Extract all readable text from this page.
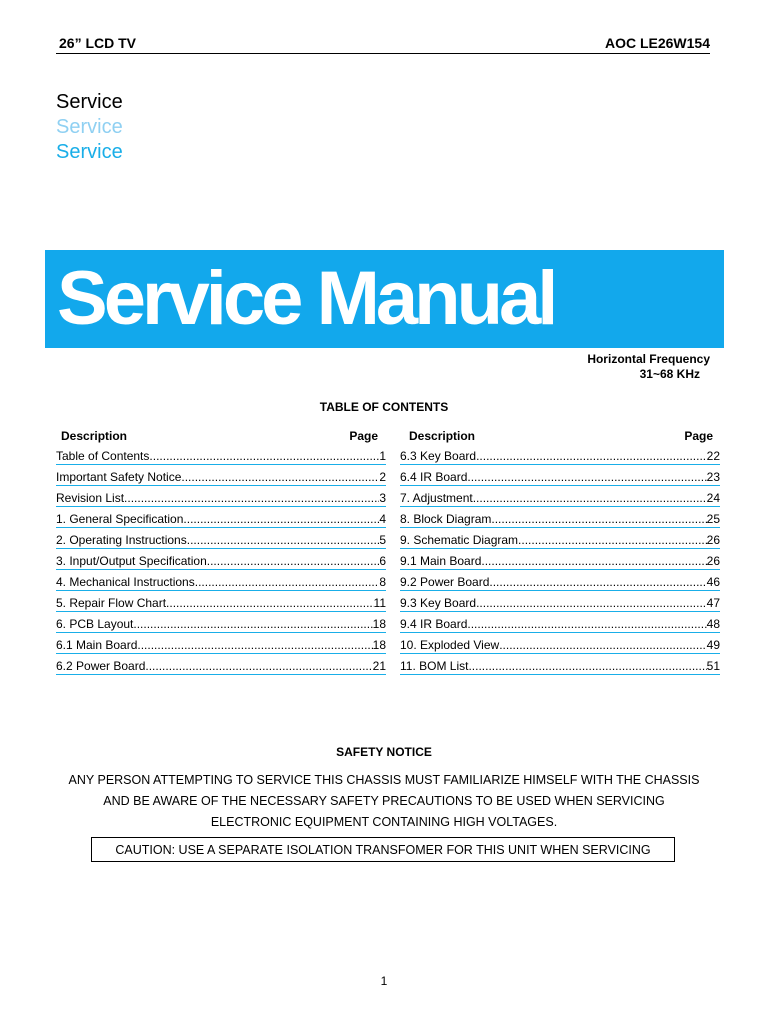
26” LCD TV	AOC LE26W154
Service
Service
Service
Service Manual
Horizontal Frequency
31~68 KHz
TABLE OF CONTENTS
Description	Page
Table of Contents .....	1
Important Safety Notice .....	2
Revision List .....	3
1. General Specification .....	4
2. Operating Instructions .....	5
3. Input/Output Specification .....	6
4. Mechanical Instructions .....	8
5. Repair Flow Chart .....	11
6. PCB Layout .....	18
6.1 Main Board .....	18
6.2 Power Board .....	21
Description	Page
6.3 Key Board .....	22
6.4 IR Board .....	23
7. Adjustment .....	24
8. Block Diagram .....	25
9. Schematic Diagram .....	26
9.1 Main Board .....	26
9.2 Power Board .....	46
9.3 Key Board .....	47
9.4 IR Board .....	48
10. Exploded View .....	49
11. BOM List .....	51
SAFETY NOTICE
ANY PERSON ATTEMPTING TO SERVICE THIS CHASSIS MUST FAMILIARIZE HIMSELF WITH THE CHASSIS
AND BE AWARE OF THE NECESSARY SAFETY PRECAUTIONS TO BE USED WHEN SERVICING
ELECTRONIC EQUIPMENT CONTAINING HIGH VOLTAGES.
CAUTION: USE A SEPARATE ISOLATION TRANSFOMER FOR THIS UNIT WHEN SERVICING
1
